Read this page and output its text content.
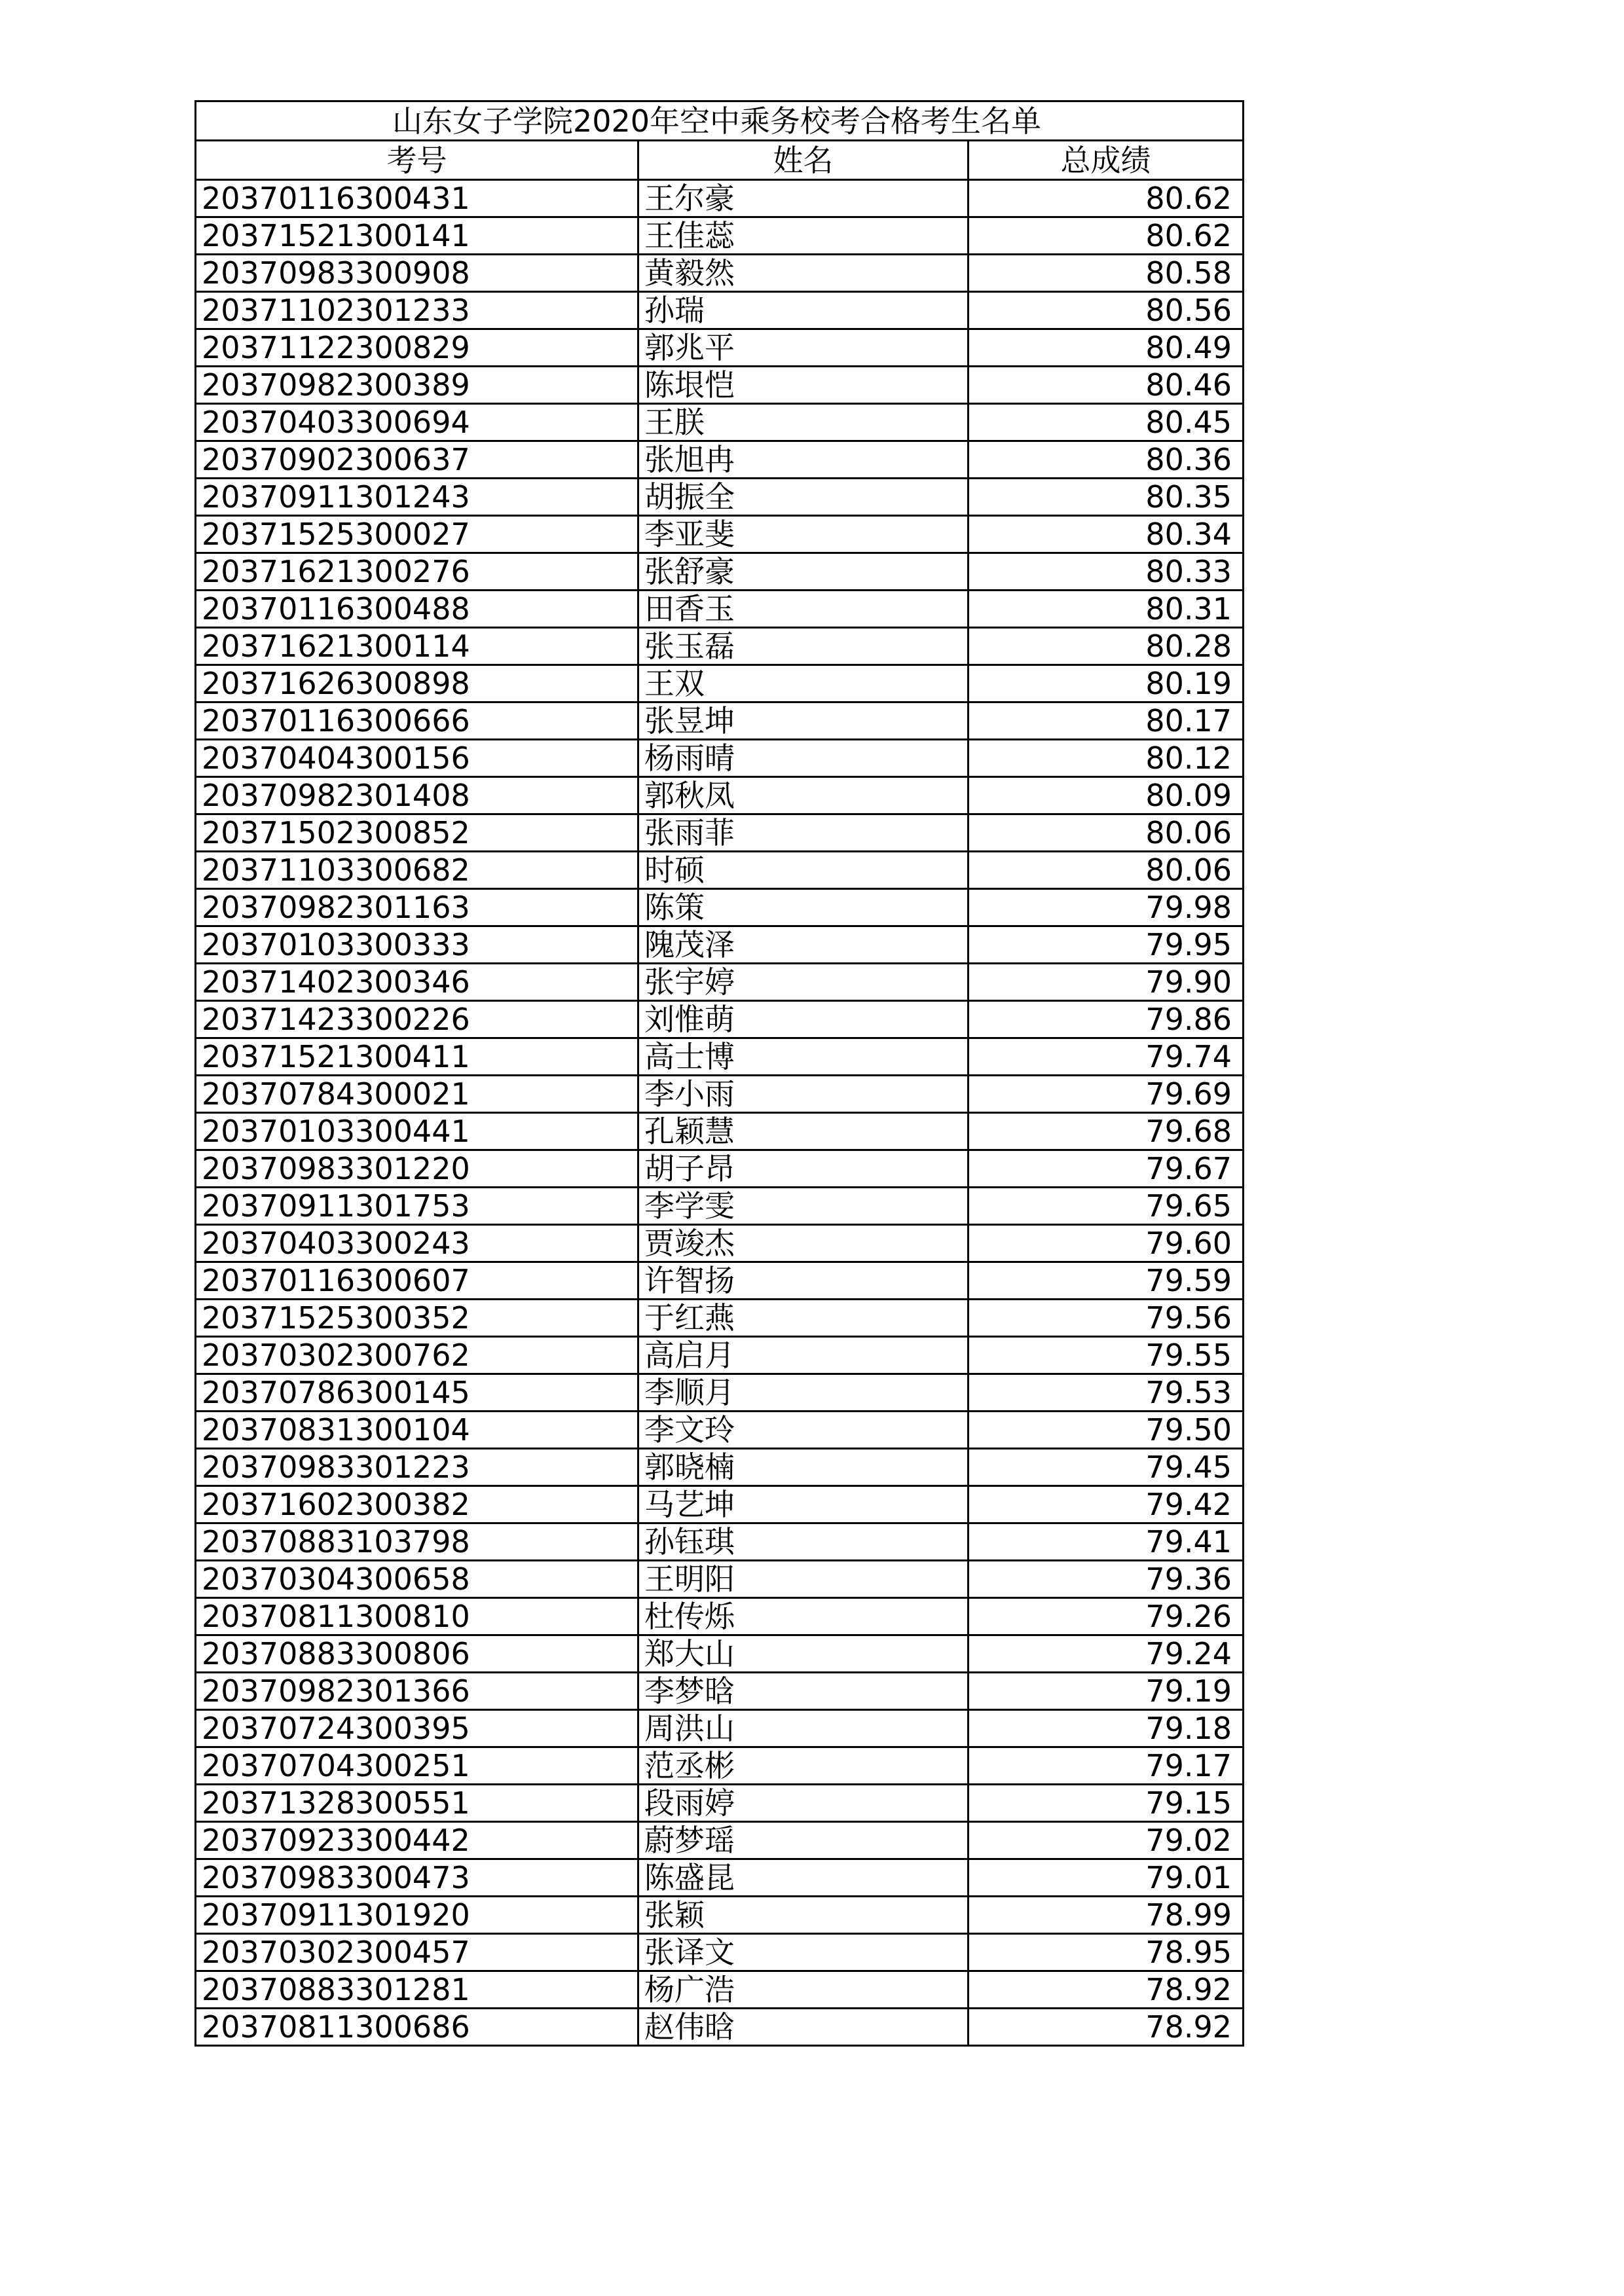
山东女子学院2020年空中乘务校考合格考生名单		
考号	姓名	总成绩
20370116300431	王尔豪	80.62
20371521300141	王佳蕊	80.62
20370983300908	黄毅然	80.58
20371102301233	孙瑞	80.56
20371122300829	郭兆平	80.49
20370982300389	陈垠恺	80.46
20370403300694	王朕	80.45
20370902300637	张旭冉	80.36
20370911301243	胡振全	80.35
20371525300027	李亚斐	80.34
20371621300276	张舒豪	80.33
20370116300488	田香玉	80.31
20371621300114	张玉磊	80.28
20371626300898	王双	80.19
20370116300666	张昱坤	80.17
20370404300156	杨雨晴	80.12
20370982301408	郭秋凤	80.09
20371502300852	张雨菲	80.06
20371103300682	时硕	80.06
20370982301163	陈策	79.98
20370103300333	隗茂泽	79.95
20371402300346	张宇婷	79.90
20371423300226	刘惟萌	79.86
20371521300411	高士博	79.74
20370784300021	李小雨	79.69
20370103300441	孔颖慧	79.68
20370983301220	胡子昂	79.67
20370911301753	李学雯	79.65
20370403300243	贾竣杰	79.60
20370116300607	许智扬	79.59
20371525300352	于红燕	79.56
20370302300762	高启月	79.55
20370786300145	李顺月	79.53
20370831300104	李文玲	79.50
20370983301223	郭晓楠	79.45
20371602300382	马艺坤	79.42
20370883103798	孙钰琪	79.41
20370304300658	王明阳	79.36
20370811300810	杜传烁	79.26
20370883300806	郑大山	79.24
20370982301366	李梦晗	79.19
20370724300395	周洪山	79.18
20370704300251	范丞彬	79.17
20371328300551	段雨婷	79.15
20370923300442	蔚梦瑶	79.02
20370983300473	陈盛昆	79.01
20370911301920	张颖	78.99
20370302300457	张译文	78.95
20370883301281	杨广浩	78.92
20370811300686	赵伟晗	78.92
